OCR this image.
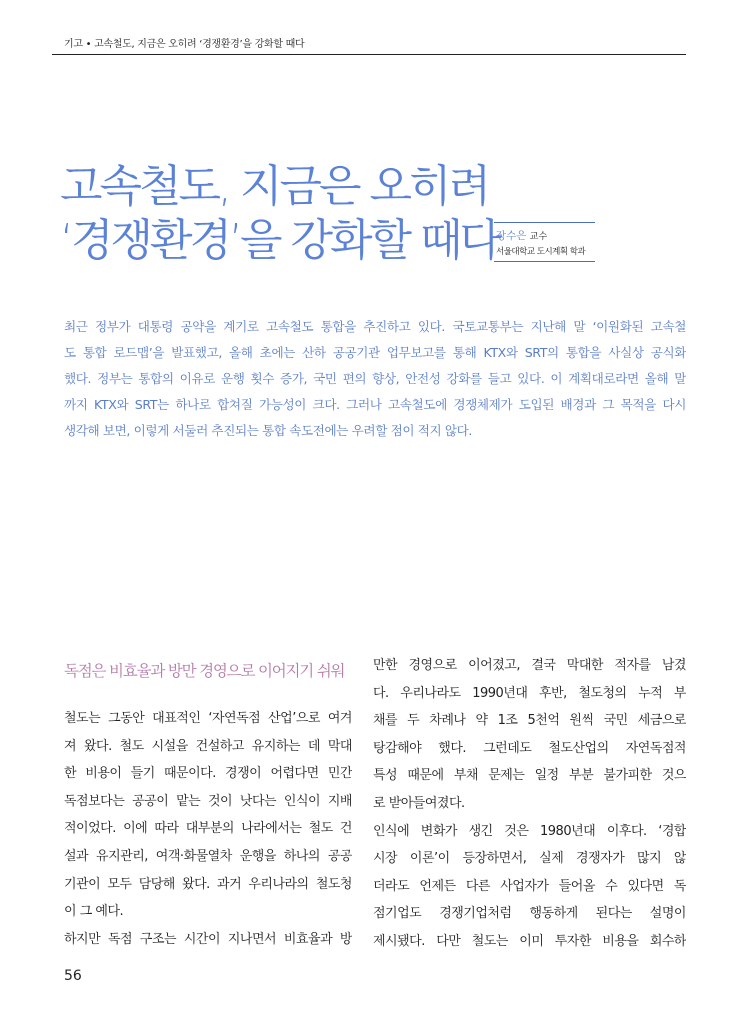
기고 • 고속철도, 지금은 오히려 ‘경쟁환경’을 강화할 때다
고속철도, 지금은 오히려
‘경쟁환경’을 강화할 때다
장수은 교수
서울대학교 도시계획 학과
최근 정부가 대통령 공약을 계기로 고속철도 통합을 추진하고 있다. 국토교통부는 지난해 말 ‘이원화된 고속철
도 통합 로드맵’을 발표했고, 올해 초에는 산하 공공기관 업무보고를 통해 KTX와 SRT의 통합을 사실상 공식화
했다. 정부는 통합의 이유로 운행 횟수 증가, 국민 편의 향상, 안전성 강화를 들고 있다. 이 계획대로라면 올해 말
까지 KTX와 SRT는 하나로 합쳐질 가능성이 크다. 그러나 고속철도에 경쟁체제가 도입된 배경과 그 목적을 다시
생각해 보면, 이렇게 서둘러 추진되는 통합 속도전에는 우려할 점이 적지 않다.
독점은 비효율과 방만 경영으로 이어지기 쉬워
철도는 그동안 대표적인 ‘자연독점 산업’으로 여겨
져 왔다. 철도 시설을 건설하고 유지하는 데 막대
한 비용이 들기 때문이다. 경쟁이 어렵다면 민간
독점보다는 공공이 맡는 것이 낫다는 인식이 지배
적이었다. 이에 따라 대부분의 나라에서는 철도 건
설과 유지관리, 여객·화물열차 운행을 하나의 공공
기관이 모두 담당해 왔다. 과거 우리나라의 철도청
이 그 예다.
하지만 독점 구조는 시간이 지나면서 비효율과 방
만한 경영으로 이어졌고, 결국 막대한 적자를 남겼
다. 우리나라도 1990년대 후반, 철도청의 누적 부
채를 두 차례나 약 1조 5천억 원씩 국민 세금으로
탕감해야 했다. 그런데도 철도산업의 자연독점적
특성 때문에 부채 문제는 일정 부분 불가피한 것으
로 받아들여졌다.
인식에 변화가 생긴 것은 1980년대 이후다. ‘경합
시장 이론’이 등장하면서, 실제 경쟁자가 많지 않
더라도 언제든 다른 사업자가 들어올 수 있다면 독
점기업도 경쟁기업처럼 행동하게 된다는 설명이
제시됐다. 다만 철도는 이미 투자한 비용을 회수하
56
